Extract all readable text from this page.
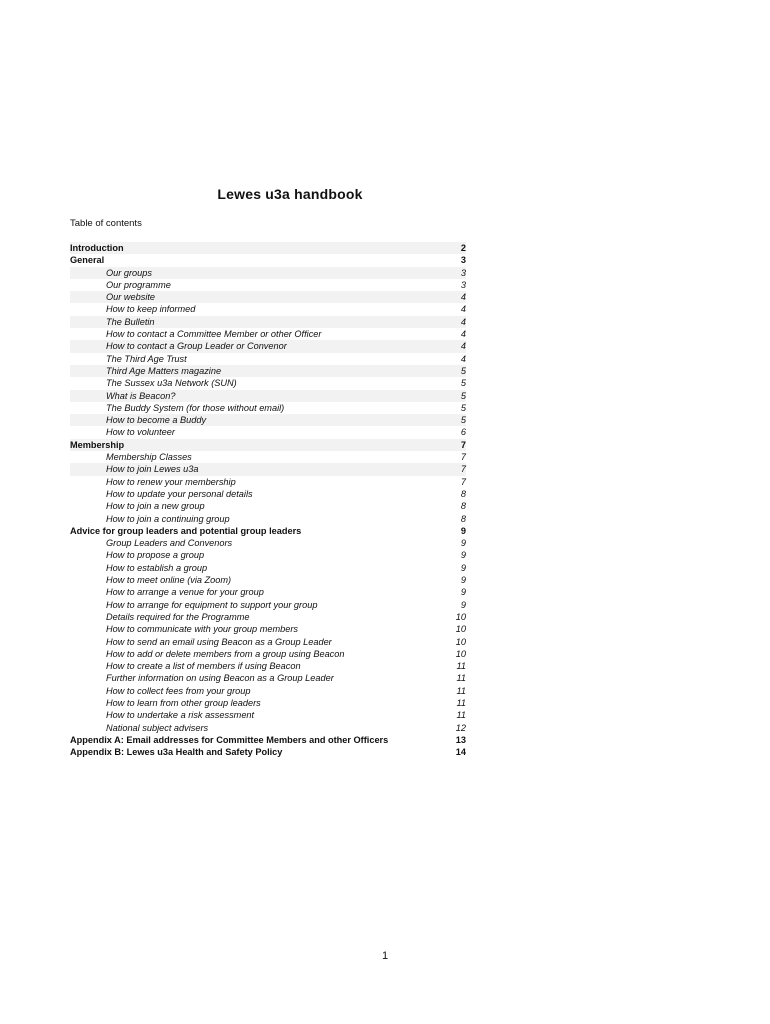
Lewes u3a handbook
Table of contents
Introduction	2
General	3
Our groups	3
Our programme	3
Our website	4
How to keep informed	4
The Bulletin	4
How to contact a Committee Member or other Officer	4
How to contact a Group Leader or Convenor	4
The Third Age Trust	4
Third Age Matters magazine	5
The Sussex u3a Network (SUN)	5
What is Beacon?	5
The Buddy System (for those without email)	5
How to become a Buddy	5
How to volunteer	6
Membership	7
Membership Classes	7
How to join Lewes u3a	7
How to renew your membership	7
How to update your personal details	8
How to join a new group	8
How to join a continuing group	8
Advice for group leaders and potential group leaders	9
Group Leaders and Convenors	9
How to propose a group	9
How to establish a group	9
How to meet online (via Zoom)	9
How to arrange a venue for your group	9
How to arrange for equipment to support your group	9
Details required for the Programme	10
How to communicate with your group members	10
How to send an email using Beacon as a Group Leader	10
How to add or delete members from a group using Beacon	10
How to create a list of members if using Beacon	11
Further information on using Beacon as a Group Leader	11
How to collect fees from your group	11
How to learn from other group leaders	11
How to undertake a risk assessment	11
National subject advisers	12
Appendix A: Email addresses for Committee Members and other Officers	13
Appendix B: Lewes u3a Health and Safety Policy	14
1
